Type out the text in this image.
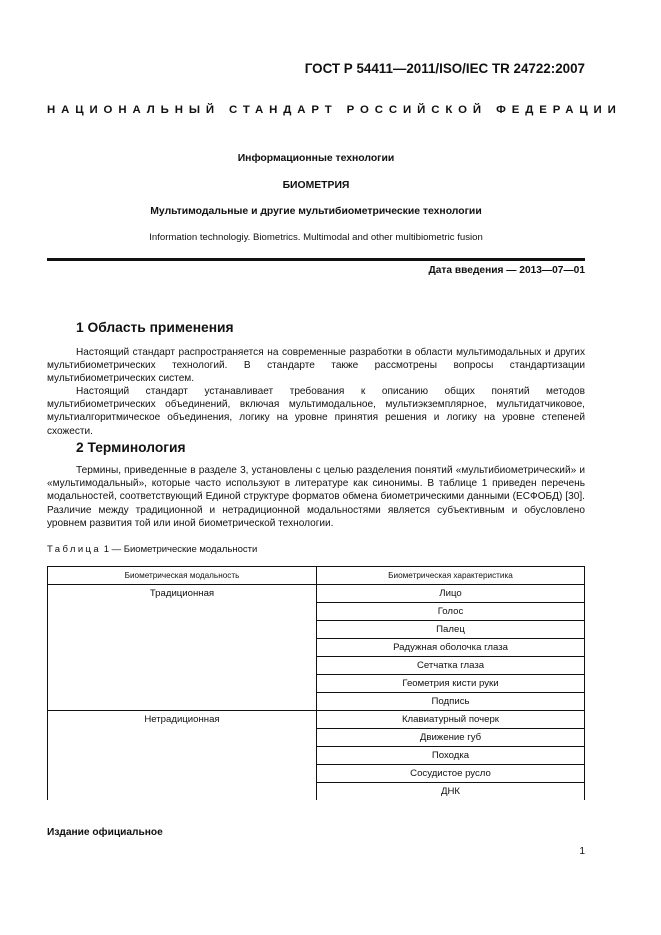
ГОСТ Р 54411—2011/ISO/IEC TR 24722:2007
НАЦИОНАЛЬНЫЙ СТАНДАРТ РОССИЙСКОЙ ФЕДЕРАЦИИ
Информационные технологии
БИОМЕТРИЯ
Мультимодальные и другие мультибиометрические технологии
Information technologiy. Biometrics. Multimodal and other multibiometric fusion
Дата введения — 2013—07—01
1 Область применения

Настоящий стандарт распространяется на современные разработки в области мультимодальных и других мультибиометрических технологий. В стандарте также рассмотрены вопросы стандартизации мультибиометрических систем.

Настоящий стандарт устанавливает требования к описанию общих понятий методов мультибиометрических объединений, включая мультимодальное, мультиэкземплярное, мультидатчиковое, мультиалгоритмическое объединения, логику на уровне принятия решения и логику на уровне степеней схожести.

2 Терминология

Термины, приведенные в разделе 3, установлены с целью разделения понятий «мультибиометрический» и «мультимодальный», которые часто используют в литературе как синонимы. В таблице 1 приведен перечень модальностей, соответствующий Единой структуре форматов обмена биометрическими данными (ЕСФОБД) [30]. Различие между традиционной и нетрадиционной модальностями является субъективным и обусловлено уровнем развития той или иной биометрической технологии.

Таблица 1 — Биометрические модальности
Биометрическая модальность	Биометрическая характеристика
Традиционная	Лицо
	Голос
	Палец
	Радужная оболочка глаза
	Сетчатка глаза
	Геометрия кисти руки
	Подпись
Нетрадиционная	Клавиатурный почерк
	Движение губ
	Походка
	Сосудистое русло
	ДНК
Издание официальное
1
